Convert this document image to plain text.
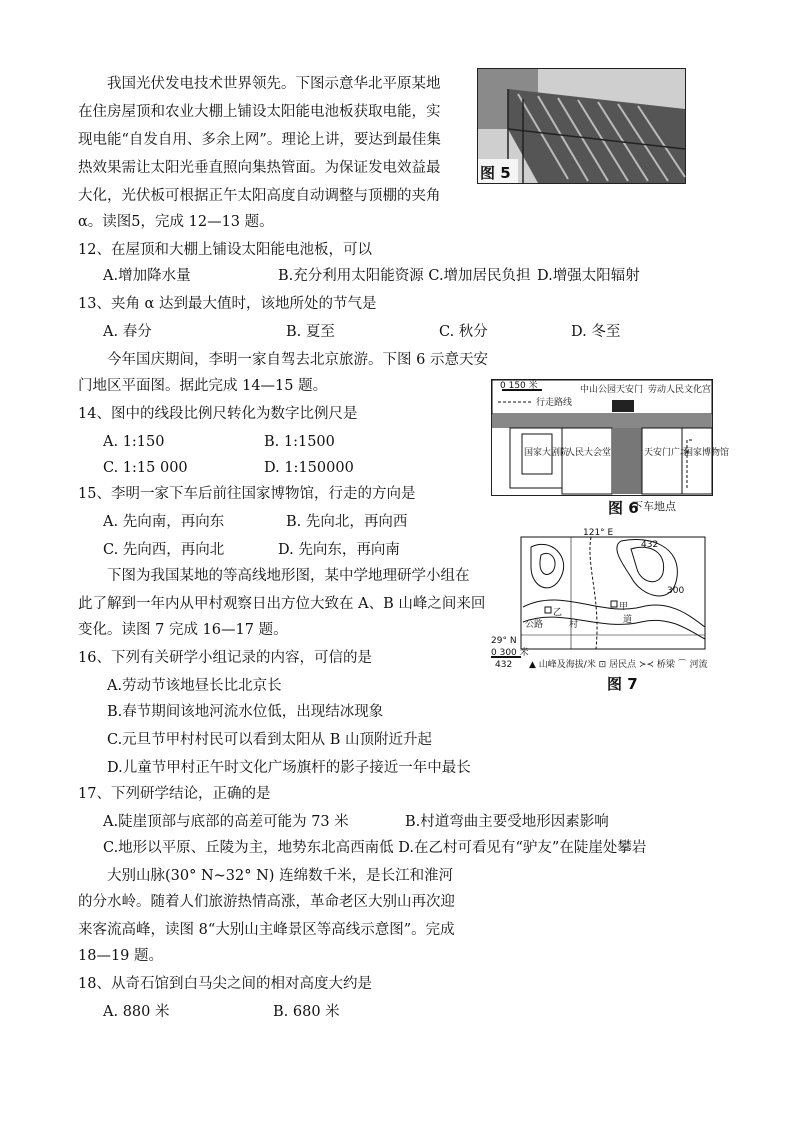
我国光伏发电技术世界领先。下图示意华北平原某地
在住房屋顶和农业大棚上铺设太阳能电池板获取电能，实
现电能“自发自用、多余上网”。理论上讲，要达到最佳集
热效果需让太阳光垂直照向集热管面。为保证发电效益最
大化，光伏板可根据正午太阳高度自动调整与顶棚的夹角
α。读图5，完成 12—13 题。
图 5
12、在屋顶和大棚上铺设太阳能电池板，可以
A.增加降水量	B.充分利用太阳能资源 C.增加居民负担 D.增强太阳辐射
13、夹角 α 达到最大值时，该地所处的节气是
A. 春分	B. 夏至	C. 秋分	D. 冬至
今年国庆期间，李明一家自驾去北京旅游。下图 6 示意天安
门地区平面图。据此完成 14—15 题。	0 150 米
行走路线
中山公园 天安门 劳动人民文化宫
国家大剧院
人民大会堂	天安门广场
国家博物馆
图 6
下车地点
14、图中的线段比例尺转化为数字比例尺是
A. 1:150	B. 1:1500
C. 1:15 000	D. 1:150000
15、李明一家下车后前往国家博物馆，行走的方向是
A. 先向南，再向东	B. 先向北，再向西
C. 先向西，再向北	D. 先向东，再向南
下图为我国某地的等高线地形图，某中学地理研学小组在
此了解到一年内从甲村观察日出方位大致在 A、B 山峰之间来回
变化。读图 7 完成 16—17 题。
121° E
29° N
0 300 米
432
432
300
乙
甲
公路	村	道
▲ 山峰及海拔/米 ⊡ 居民点 ≻≺ 桥梁 ⌒ 河流
图 7
16、下列有关研学小组记录的内容，可信的是
A.劳动节该地昼长比北京长
B.春节期间该地河流水位低，出现结冰现象
C.元旦节甲村村民可以看到太阳从 B 山顶附近升起
D.儿童节甲村正午时文化广场旗杆的影子接近一年中最长
17、下列研学结论，正确的是
A.陡崖顶部与底部的高差可能为 73 米	B.村道弯曲主要受地形因素影响
C.地形以平原、丘陵为主，地势东北高西南低 D.在乙村可看见有“驴友”在陡崖处攀岩
大别山脉(30° N~32° N) 连绵数千米，是长江和淮河
的分水岭。随着人们旅游热情高涨，革命老区大别山再次迎
来客流高峰，读图 8“大别山主峰景区等高线示意图”。完成
18—19 题。
18、从奇石馆到白马尖之间的相对高度大约是
A. 880 米	B. 680 米
